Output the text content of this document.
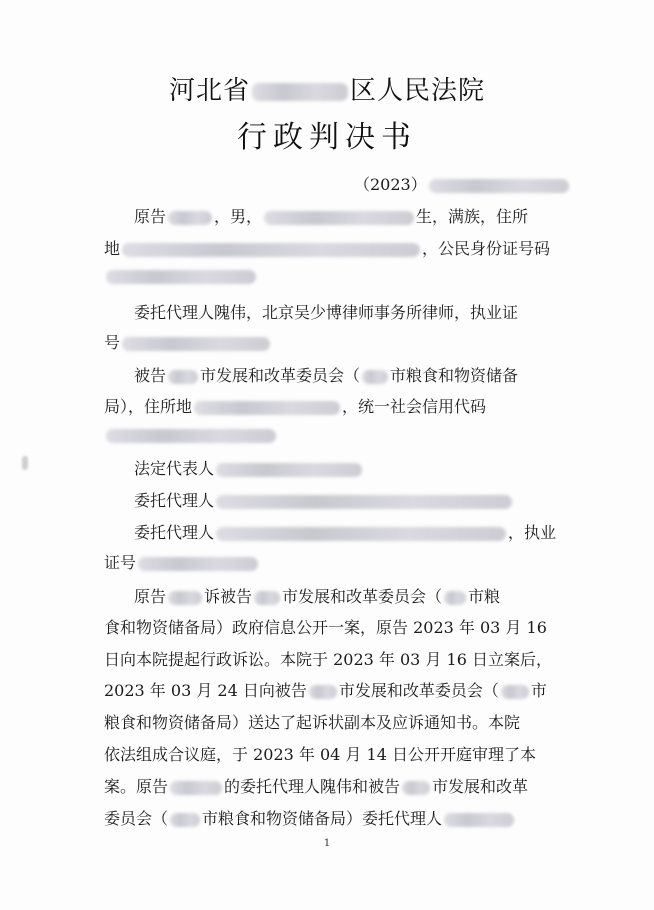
河北省	区人民法院
行政判决书
（2023）
原告	，男，	生，满族，住所
地	，公民身份证号码
委托代理人隗伟，北京吴少博律师事务所律师，执业证
号
被告 市发展和改革委员会（ 市粮食和物资储备
局），住所地	，统一社会信用代码
法定代表人
委托代理人
委托代理人	，执业
证号
原告 诉被告 市发展和改革委员会（ 市粮
食和物资储备局）政府信息公开一案，原告 2023 年 03 月 16
日向本院提起行政诉讼。本院于 2023 年 03 月 16 日立案后，
2023 年 03 月 24 日向被告 市发展和改革委员会（ 市
粮食和物资储备局）送达了起诉状副本及应诉通知书。本院
依法组成合议庭，于 2023 年 04 月 14 日公开开庭审理了本
案。原告	的委托代理人隗伟和被告 市发展和改革
委员会（ 市粮食和物资储备局）委托代理人
1
